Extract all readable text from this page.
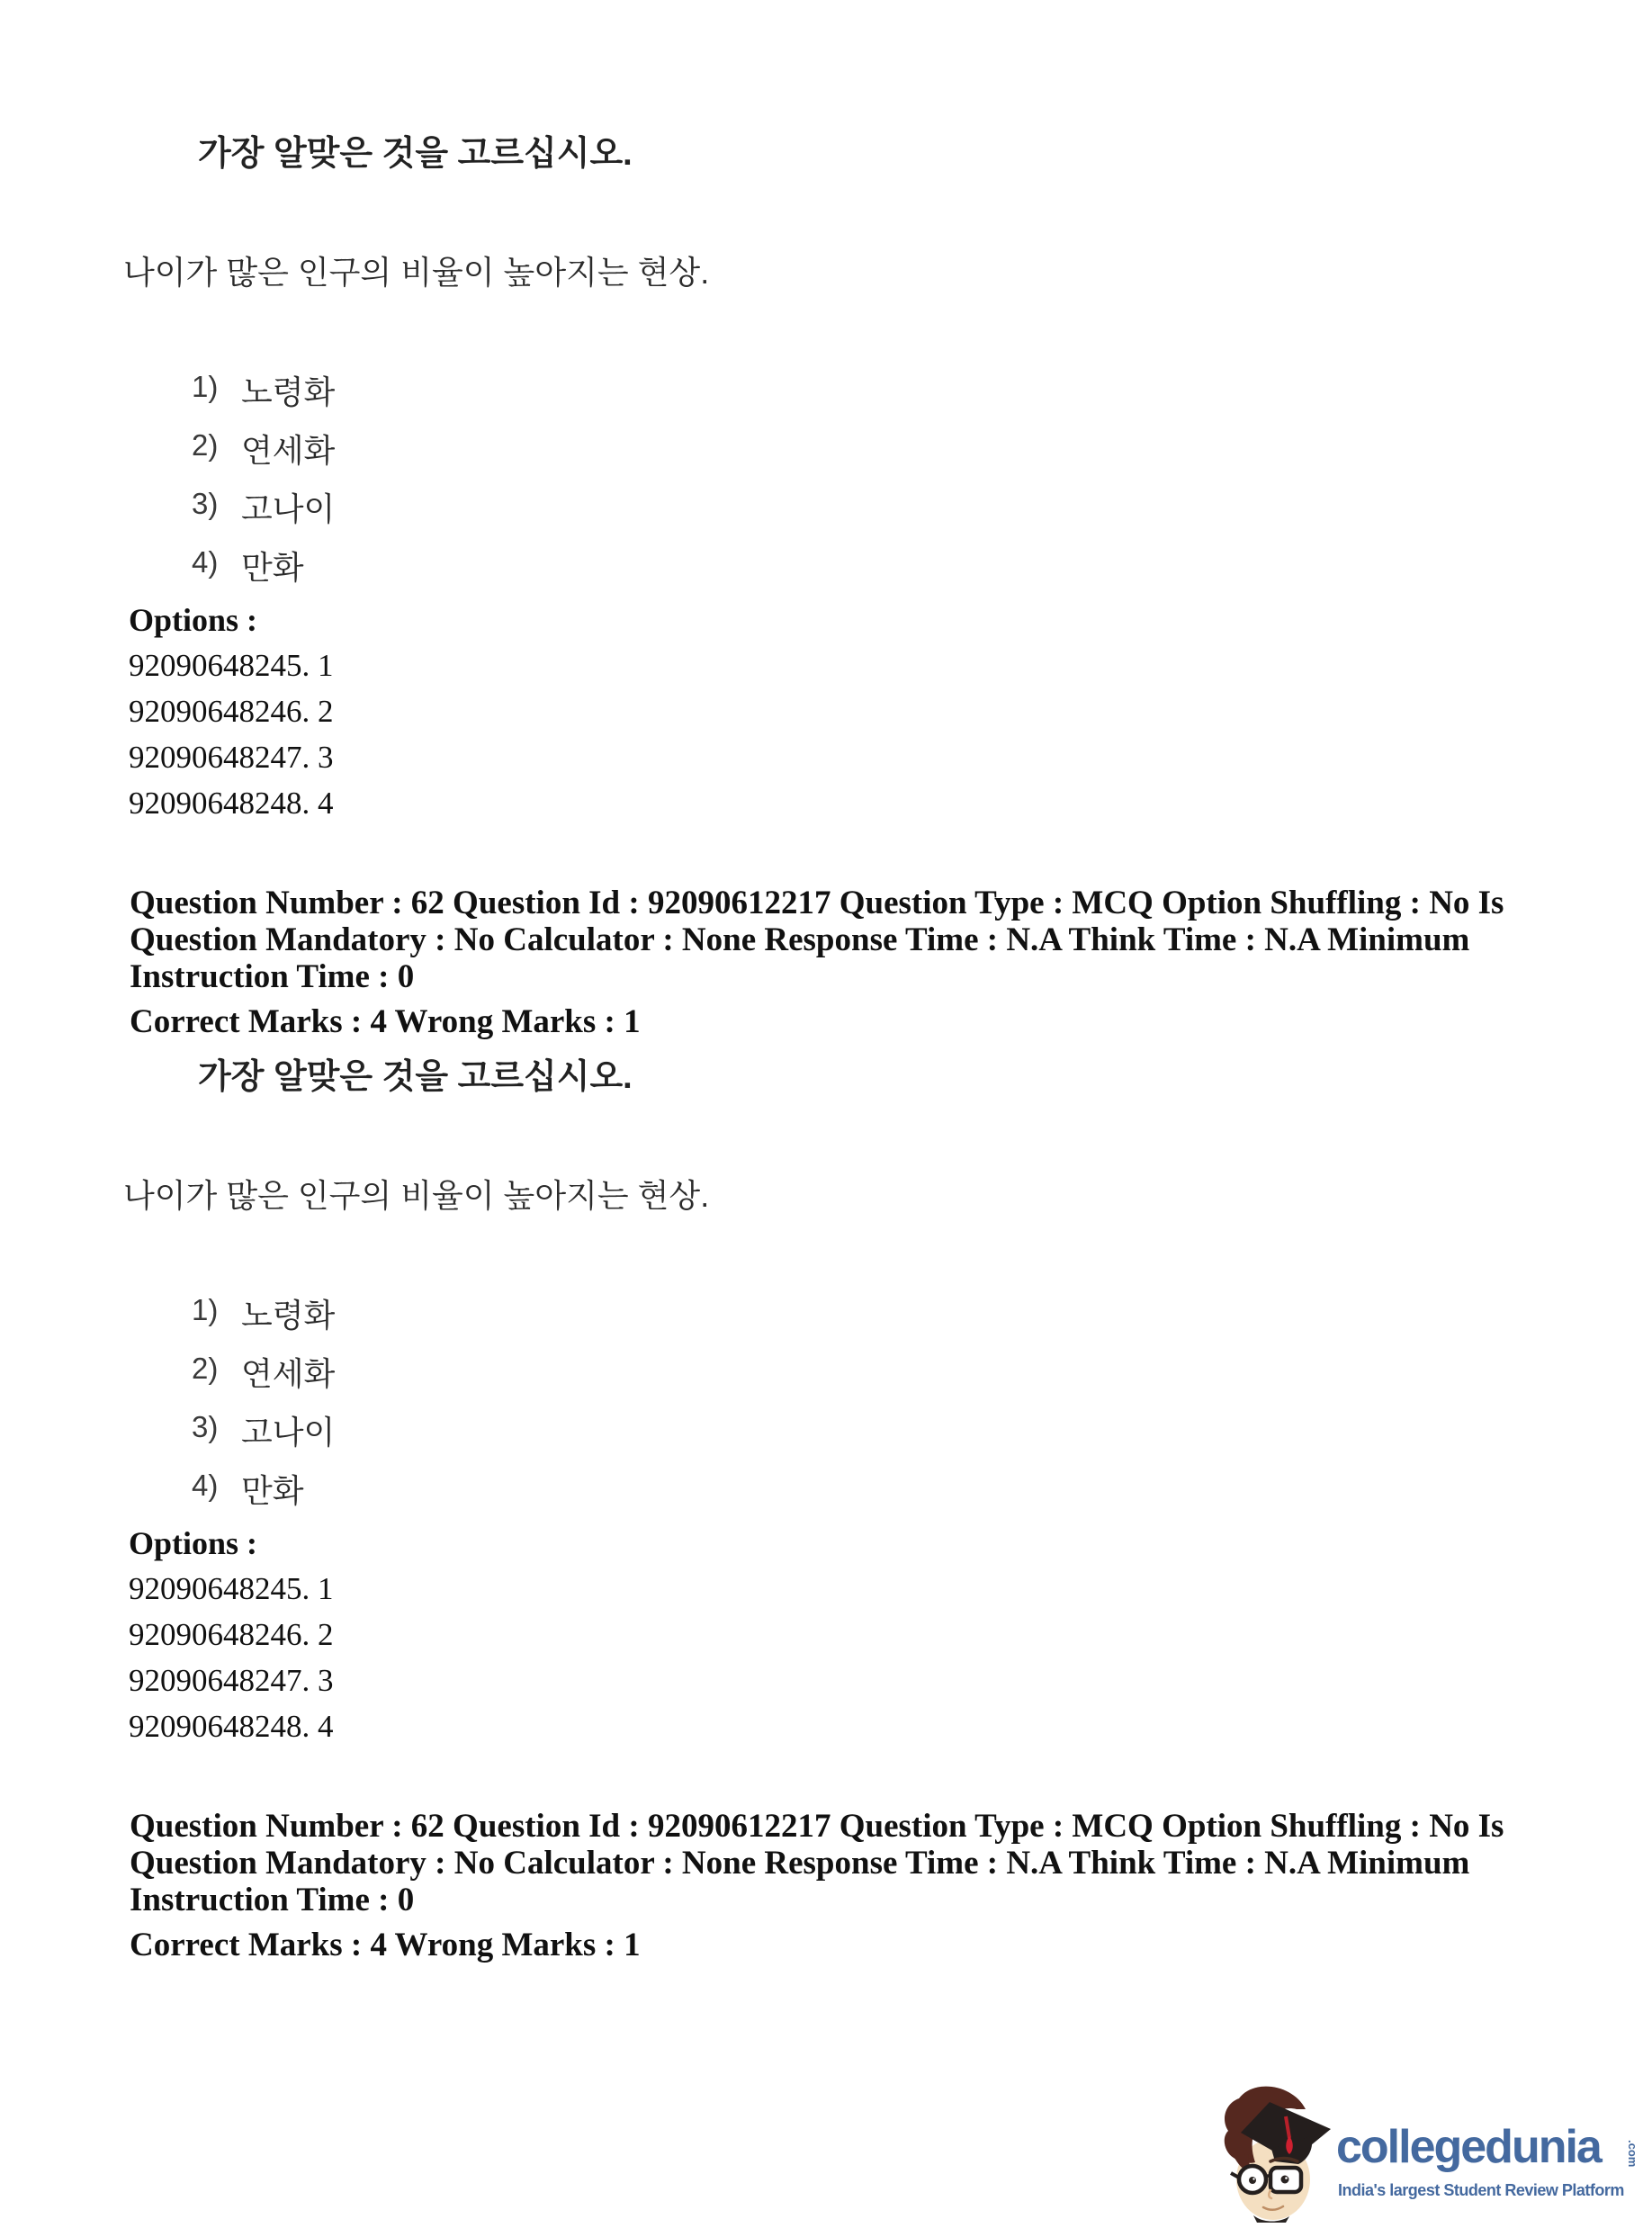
가장 알맞은 것을 고르십시오.
나이가 많은 인구의 비율이 높아지는 현상.
1) 노령화
2) 연세화
3) 고나이
4) 만화
Options :
92090648245. 1
92090648246. 2
92090648247. 3
92090648248. 4
Question Number : 62 Question Id : 92090612217 Question Type : MCQ Option Shuffling : No Is
Question Mandatory : No Calculator : None Response Time : N.A Think Time : N.A Minimum
Instruction Time : 0
Correct Marks : 4 Wrong Marks : 1
가장 알맞은 것을 고르십시오.
나이가 많은 인구의 비율이 높아지는 현상.
1) 노령화
2) 연세화
3) 고나이
4) 만화
Options :
92090648245. 1
92090648246. 2
92090648247. 3
92090648248. 4
Question Number : 62 Question Id : 92090612217 Question Type : MCQ Option Shuffling : No Is
Question Mandatory : No Calculator : None Response Time : N.A Think Time : N.A Minimum
Instruction Time : 0
Correct Marks : 4 Wrong Marks : 1
collegedunia .com
India's largest Student Review Platform
